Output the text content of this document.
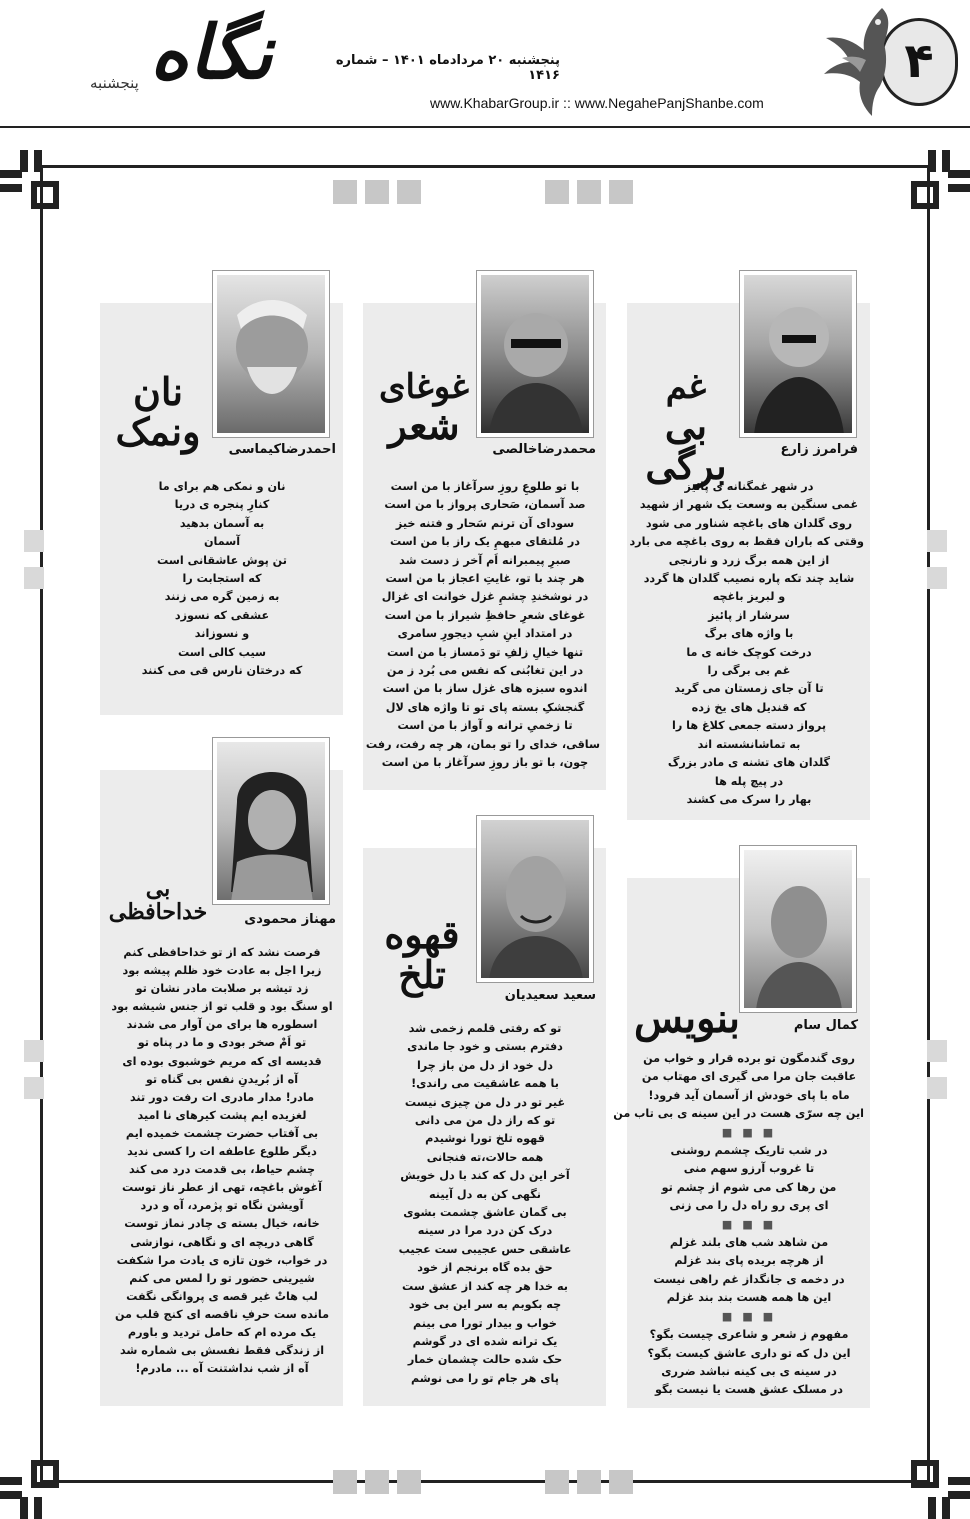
۴
پنجشنبه ۲۰ مردادماه ۱۴۰۱ – شماره ۱۴۱۶
www.KhabarGroup.ir :: www.NegahePanjShanbe.com
نگاه
پنجشنبه
غم
بی برگی	فرامرز زارع
در شهر غمگنانه ی پائیز
غمی سنگین به وسعت یک شهر از شهید
روی گلدان های باغچه شناور می شود
وقتی که باران فقط به روی باغچه می بارد
از این همه برگ زرد و نارنجی
شاید چند تکه پاره نصیب گلدان ها گردد
و لبریز باغچه
سرشار از پائیز
با واژه های برگ
درخت کوچک خانه ی ما
غم بی برگی را
تا آن جای زمستان می گرید
که قندیل های یخ زده
پرواز دسته جمعی کلاغ ها را
به تماشانشسته اند
گلدان های تشنه ی مادر بزرگ
در پیچ پله ها
بهار را سرک می کشند
غوغای
شعر
محمدرضاخالصی
با تو طلوعِ روزِ سرآغاز با من است
صد آسمان، صَحاری پرواز با من است
سودای آن ترنم سَحار و فتنه خیز
در مُلتقای مبهمِ یک راز با من است
صبرِ پیمبرانه اَم آخر ز دست شد
هر چند با تو، غایتِ اعجاز با من است
در نوشخندِ چشمِ غزل خوانت ای غزال
غوغای شعرِ حافظِ شیراز با من است
در امتداد اینِ شبِ دیجورِ سامری
تنها خیالِ زلفِ تو دَمساز با من است
در این تغابُنی که نفس می بُرد ز من
اندوه سبزه های غزل ساز با من است
گنجشکِ بسته پای تو تا واژه های لال
تا زخمیِ ترانه و آواز با من است
ساقی، خدای را تو بمان، هر چه رفت، رفت
چون، با تو باز روزِ سرآغاز با من است
نان
ونمک	احمدرضاکیماسی
نان و نمکی هم برای ما
کنارِ پنجره ی دریا
به آسمان بدهید
آسمان
تن پوش عاشقانی است
که استجابت را
به زمین گره می زنند
عشقی که نسوزد
و نسوزاند
سیب کالی است
که درختان نارس قی می کنند
بنویس	کمال سام
روی گندمگون تو برده قرار و خواب من
عاقبت جان مرا می گیری ای مهتاب من
ماه با پای خودش از آسمان آید فرود!
این چه سرّی هست در این سینه ی بی تاب من
■ ■ ■
در شب تاریک چشمم روشنی
تا غروب آرزو سهم منی
من رها کی می شوم از چشم تو
ای پری رو راه دل را می زنی
■ ■ ■
من شاهد شب های بلند غزلم
از هرچه بریده پای بند غزلم
در دخمه ی جانگداز غم راهی نیست
این ها همه هست بند بند غزلم
■ ■ ■
مفهوم ز شعر و شاعری چیست بگو؟
این دل که تو داری عاشق کیست بگو؟
در سینه ی بی کینه نباشد ضرری
در مسلک عشق هست یا نیست بگو
قهوه
تلخ	سعید سعیدیان
تو که رفتی قلمم زخمی شد
دفترم بستی و خود جا ماندی
دل خود از دل من باز چرا
با همه عاشقیت می راندی!
غیر تو در دل من چیزی نیست
تو که راز دل من می دانی
قهوه تلخ تورا نوشیدم
همه حالات،ته فنجانی
آخر این دل که کند با دل خویش
نگهی کن به دل آیینه
بی گمان عاشق چشمت بشوی
درک کن درد مرا در سینه
عاشقی حس عجیبی ست عجیب
حق بده گاه برنجم از خود
به خدا هر چه کند از عشق ست
چه بکوبم به سر این بی خود
خواب و بیدار تورا می بینم
یک ترانه شده ای در گوشم
حک شده حالت چشمان خمار
پای هر جام تو را می نوشم
بی
خداحافظی	مهناز محمودی
فرصت نشد که از تو خداحافظی کنم
زیرا اجل به عادت خود ظلم پیشه بود
زد تیشه بر صلابت مادر نشان تو
او سنگ بود و قلب تو از جنس شیشه بود
اسطوره ها برای من آوار می شدند
تو اَمْ صخر بودی و ما در پناه تو
قدیسه ای که مریم خوشبوی بوده ای
آه از بُریدنِ نفس بی گناه تو
مادر! مدار مادری ات رفت دور تند
لغزیده ایم پشت کیرهای نا امید
بی آفتاب حضرت چشمت خمیده ایم
دیگر طلوع عاطفه ات را کسی ندید
چشم حیاط، بی قدمت درد می کند
آغوش باغچه، تهی از عطر ناز توست
آویشن نگاه تو پژمرد، آه و درد
خانه، خیال بسته ی چادر نماز توست
گاهی دریچه ای و نگاهی، نوازشی
در خواب، خون تازه ی یادت مرا شکفت
شیرینی حضور تو را لمس می کنم
لب هاتْ غیر قصه ی پروانگی نگفت
مانده ست حرفِ ناقصه ای کنج قلب من
یک مرده ام که حامل تردید و باورم
از زندگی فقط نفسش بی شماره شد
آه از شب نداشتنت آه ... مادرم!
